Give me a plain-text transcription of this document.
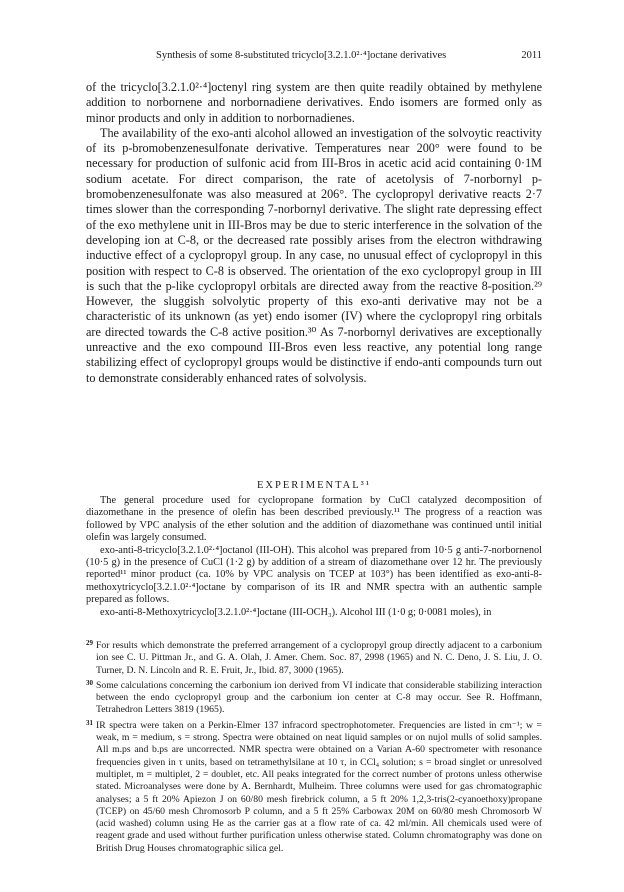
Synthesis of some 8-substituted tricyclo[3.2.1.0²·⁴]octane derivatives	2011

of the tricyclo[3.2.1.0²·⁴]octenyl ring system are then quite readily obtained by methylene addition to norbornene and norbornadiene derivatives. Endo isomers are formed only as minor products and only in addition to norbornadienes.

The availability of the exo-anti alcohol allowed an investigation of the solvoytic reactivity of its p-bromobenzenesulfonate derivative. Temperatures near 200° were found to be necessary for production of sulfonic acid from III-Bros in acetic acid acid containing 0·1M sodium acetate. For direct comparison, the rate of acetolysis of 7-norbornyl p-bromobenzenesulfonate was also measured at 206°. The cyclopropyl derivative reacts 2·7 times slower than the corresponding 7-norbornyl derivative. The slight rate depressing effect of the exo methylene unit in III-Bros may be due to steric interference in the solvation of the developing ion at C-8, or the decreased rate possibly arises from the electron withdrawing inductive effect of a cyclopropyl group. In any case, no unusual effect of cyclopropyl in this position with respect to C-8 is observed. The orientation of the exo cyclopropyl group in III is such that the p-like cyclopropyl orbitals are directed away from the reactive 8-position.²⁹ However, the sluggish solvolytic property of this exo-anti derivative may not be a characteristic of its unknown (as yet) endo isomer (IV) where the cyclopropyl ring orbitals are directed towards the C-8 active position.³⁰ As 7-norbornyl derivatives are exceptionally unreactive and the exo compound III-Bros even less reactive, any potential long range stabilizing effect of cyclopropyl groups would be distinctive if endo-anti compounds turn out to demonstrate considerably enhanced rates of solvolysis.

EXPERIMENTAL³¹

The general procedure used for cyclopropane formation by CuCl catalyzed decomposition of diazomethane in the presence of olefin has been described previously.¹¹ The progress of a reaction was followed by VPC analysis of the ether solution and the addition of diazomethane was continued until initial olefin was largely consumed.

exo-anti-8-tricyclo[3.2.1.0²·⁴]octanol (III-OH). This alcohol was prepared from 10·5 g anti-7-norbornenol (10·5 g) in the presence of CuCl (1·2 g) by addition of a stream of diazomethane over 12 hr. The previously reported¹¹ minor product (ca. 10% by VPC analysis on TCEP at 103°) has been identified as exo-anti-8-methoxytricyclo[3.2.1.0²·⁴]octane by comparison of its IR and NMR spectra with an authentic sample prepared as follows.

exo-anti-8-Methoxytricyclo[3.2.1.0²·⁴]octane (III-OCH₃). Alcohol III (1·0 g; 0·0081 moles), in

$^{29}$ For results which demonstrate the preferred arrangement of a cyclopropyl group directly adjacent to a carbonium ion see C. U. Pittman Jr., and G. A. Olah, J. Amer. Chem. Soc. 87, 2998 (1965) and N. C. Deno, J. S. Liu, J. O. Turner, D. N. Lincoln and R. E. Fruit, Jr., Ibid. 87, 3000 (1965).

$^{30}$ Some calculations concerning the carbonium ion derived from VI indicate that considerable stabilizing interaction between the endo cyclopropyl group and the carbonium ion center at C-8 may occur. See R. Hoffmann, Tetrahedron Letters 3819 (1965).

$^{31}$ IR spectra were taken on a Perkin-Elmer 137 infracord spectrophotometer. Frequencies are listed in cm⁻¹; w = weak, m = medium, s = strong. Spectra were obtained on neat liquid samples or on nujol mulls of solid samples. All m.ps and b.ps are uncorrected. NMR spectra were obtained on a Varian A-60 spectrometer with resonance frequencies given in τ units, based on tetramethylsilane at 10 τ, in CCl₄ solution; s = broad singlet or unresolved multiplet, m = multiplet, 2 = doublet, etc. All peaks integrated for the correct number of protons unless otherwise stated. Microanalyses were done by A. Bernhardt, Mulheim. Three columns were used for gas chromatographic analyses; a 5 ft 20% Apiezon J on 60/80 mesh firebrick column, a 5 ft 20% 1,2,3-tris(2-cyanoethoxy)propane (TCEP) on 45/60 mesh Chromosorb P column, and a 5 ft 25% Carbowax 20M on 60/80 mesh Chromosorb W (acid washed) column using He as the carrier gas at a flow rate of ca. 42 ml/min. All chemicals used were of reagent grade and used without further purification unless otherwise stated. Column chromatography was done on British Drug Houses chromatographic silica gel.
